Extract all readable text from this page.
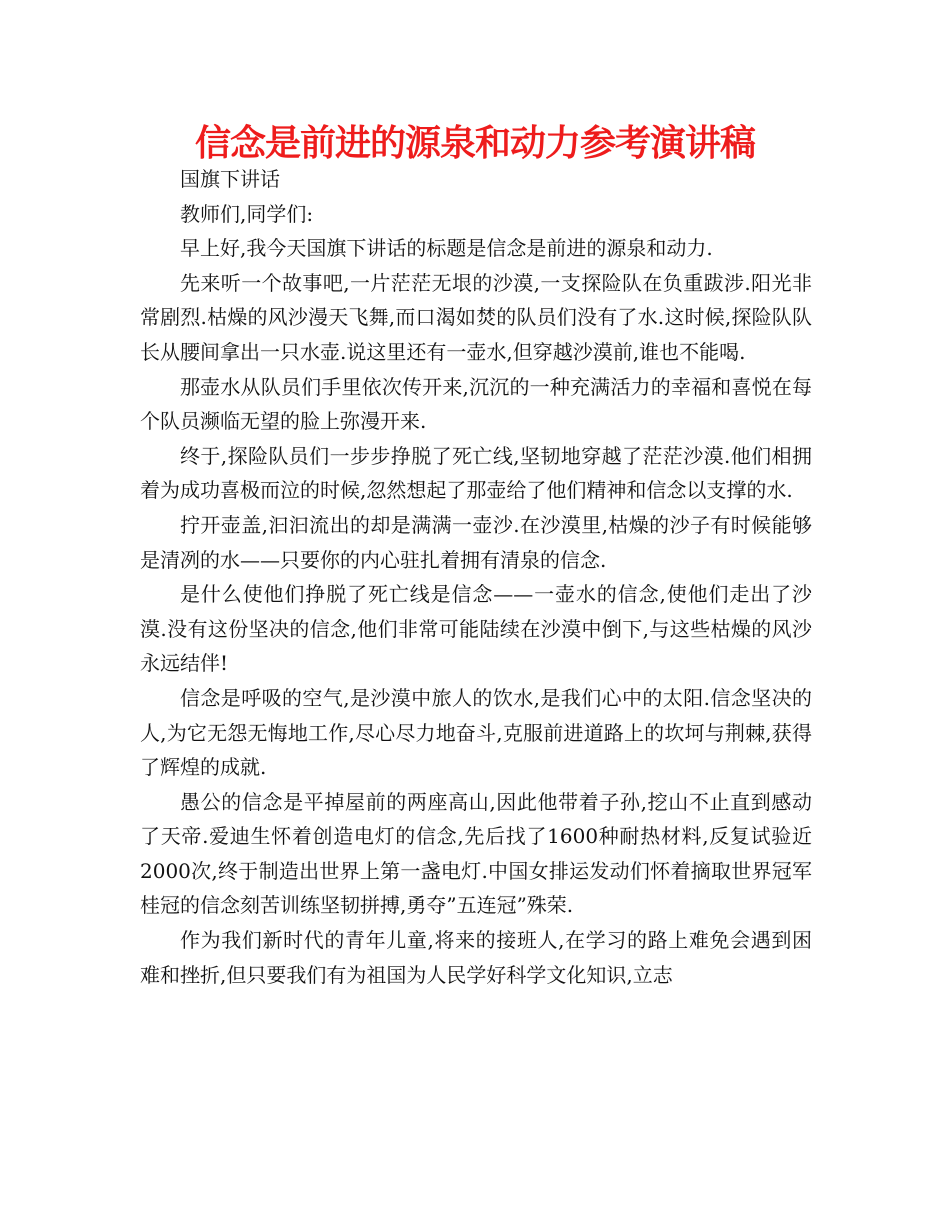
信念是前进的源泉和动力参考演讲稿

国旗下讲话

教师们,同学们:

早上好,我今天国旗下讲话的标题是信念是前进的源泉和动力.

先来听一个故事吧,一片茫茫无垠的沙漠,一支探险队在负重跋涉.阳光非常剧烈.枯燥的风沙漫天飞舞,而口渴如焚的队员们没有了水.这时候,探险队队长从腰间拿出一只水壶.说这里还有一壶水,但穿越沙漠前,谁也不能喝.

那壶水从队员们手里依次传开来,沉沉的一种充满活力的幸福和喜悦在每个队员濒临无望的脸上弥漫开来.

终于,探险队员们一步步挣脱了死亡线,坚韧地穿越了茫茫沙漠.他们相拥着为成功喜极而泣的时候,忽然想起了那壶给了他们精神和信念以支撑的水.

拧开壶盖,汩汩流出的却是满满一壶沙.在沙漠里,枯燥的沙子有时候能够是清冽的水——只要你的内心驻扎着拥有清泉的信念.

是什么使他们挣脱了死亡线是信念——一壶水的信念,使他们走出了沙漠.没有这份坚决的信念,他们非常可能陆续在沙漠中倒下,与这些枯燥的风沙永远结伴!

信念是呼吸的空气,是沙漠中旅人的饮水,是我们心中的太阳.信念坚决的人,为它无怨无悔地工作,尽心尽力地奋斗,克服前进道路上的坎坷与荆棘,获得了辉煌的成就.

愚公的信念是平掉屋前的两座高山,因此他带着子孙,挖山不止直到感动了天帝.爱迪生怀着创造电灯的信念,先后找了1600种耐热材料,反复试验近2000次,终于制造出世界上第一盏电灯.中国女排运发动们怀着摘取世界冠军桂冠的信念刻苦训练坚韧拼搏,勇夺”五连冠”殊荣.

作为我们新时代的青年儿童,将来的接班人,在学习的路上难免会遇到困难和挫折,但只要我们有为祖国为人民学好科学文化知识,立志
